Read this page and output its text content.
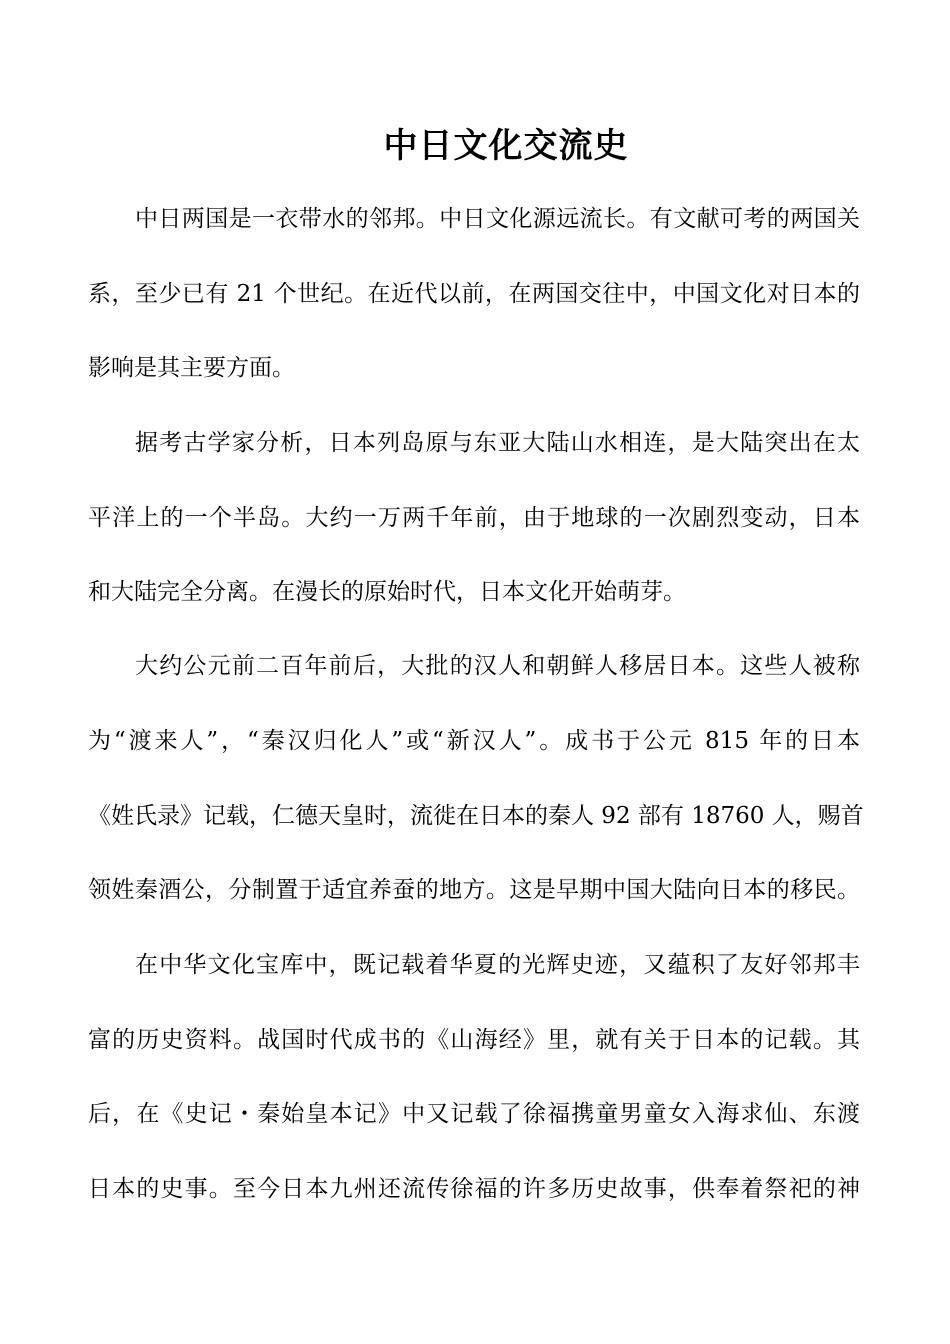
中日文化交流史
中日两国是一衣带水的邻邦。中日文化源远流长。有文献可考的两国关
系，至少已有 21 个世纪。在近代以前，在两国交往中，中国文化对日本的
影响是其主要方面。
据考古学家分析，日本列岛原与东亚大陆山水相连，是大陆突出在太
平洋上的一个半岛。大约一万两千年前，由于地球的一次剧烈变动，日本
和大陆完全分离。在漫长的原始时代，日本文化开始萌芽。
大约公元前二百年前后，大批的汉人和朝鲜人移居日本。这些人被称
为“渡来人”，“秦汉归化人”或“新汉人”。成书于公元 815 年的日本
《姓氏录》记载，仁德天皇时，流徙在日本的秦人 92 部有 18760 人，赐首
领姓秦酒公，分制置于适宜养蚕的地方。这是早期中国大陆向日本的移民。
在中华文化宝库中，既记载着华夏的光辉史迹，又蕴积了友好邻邦丰
富的历史资料。战国时代成书的《山海经》里，就有关于日本的记载。其
后，在《史记・秦始皇本记》中又记载了徐福携童男童女入海求仙、东渡
日本的史事。至今日本九州还流传徐福的许多历史故事，供奉着祭祀的神
